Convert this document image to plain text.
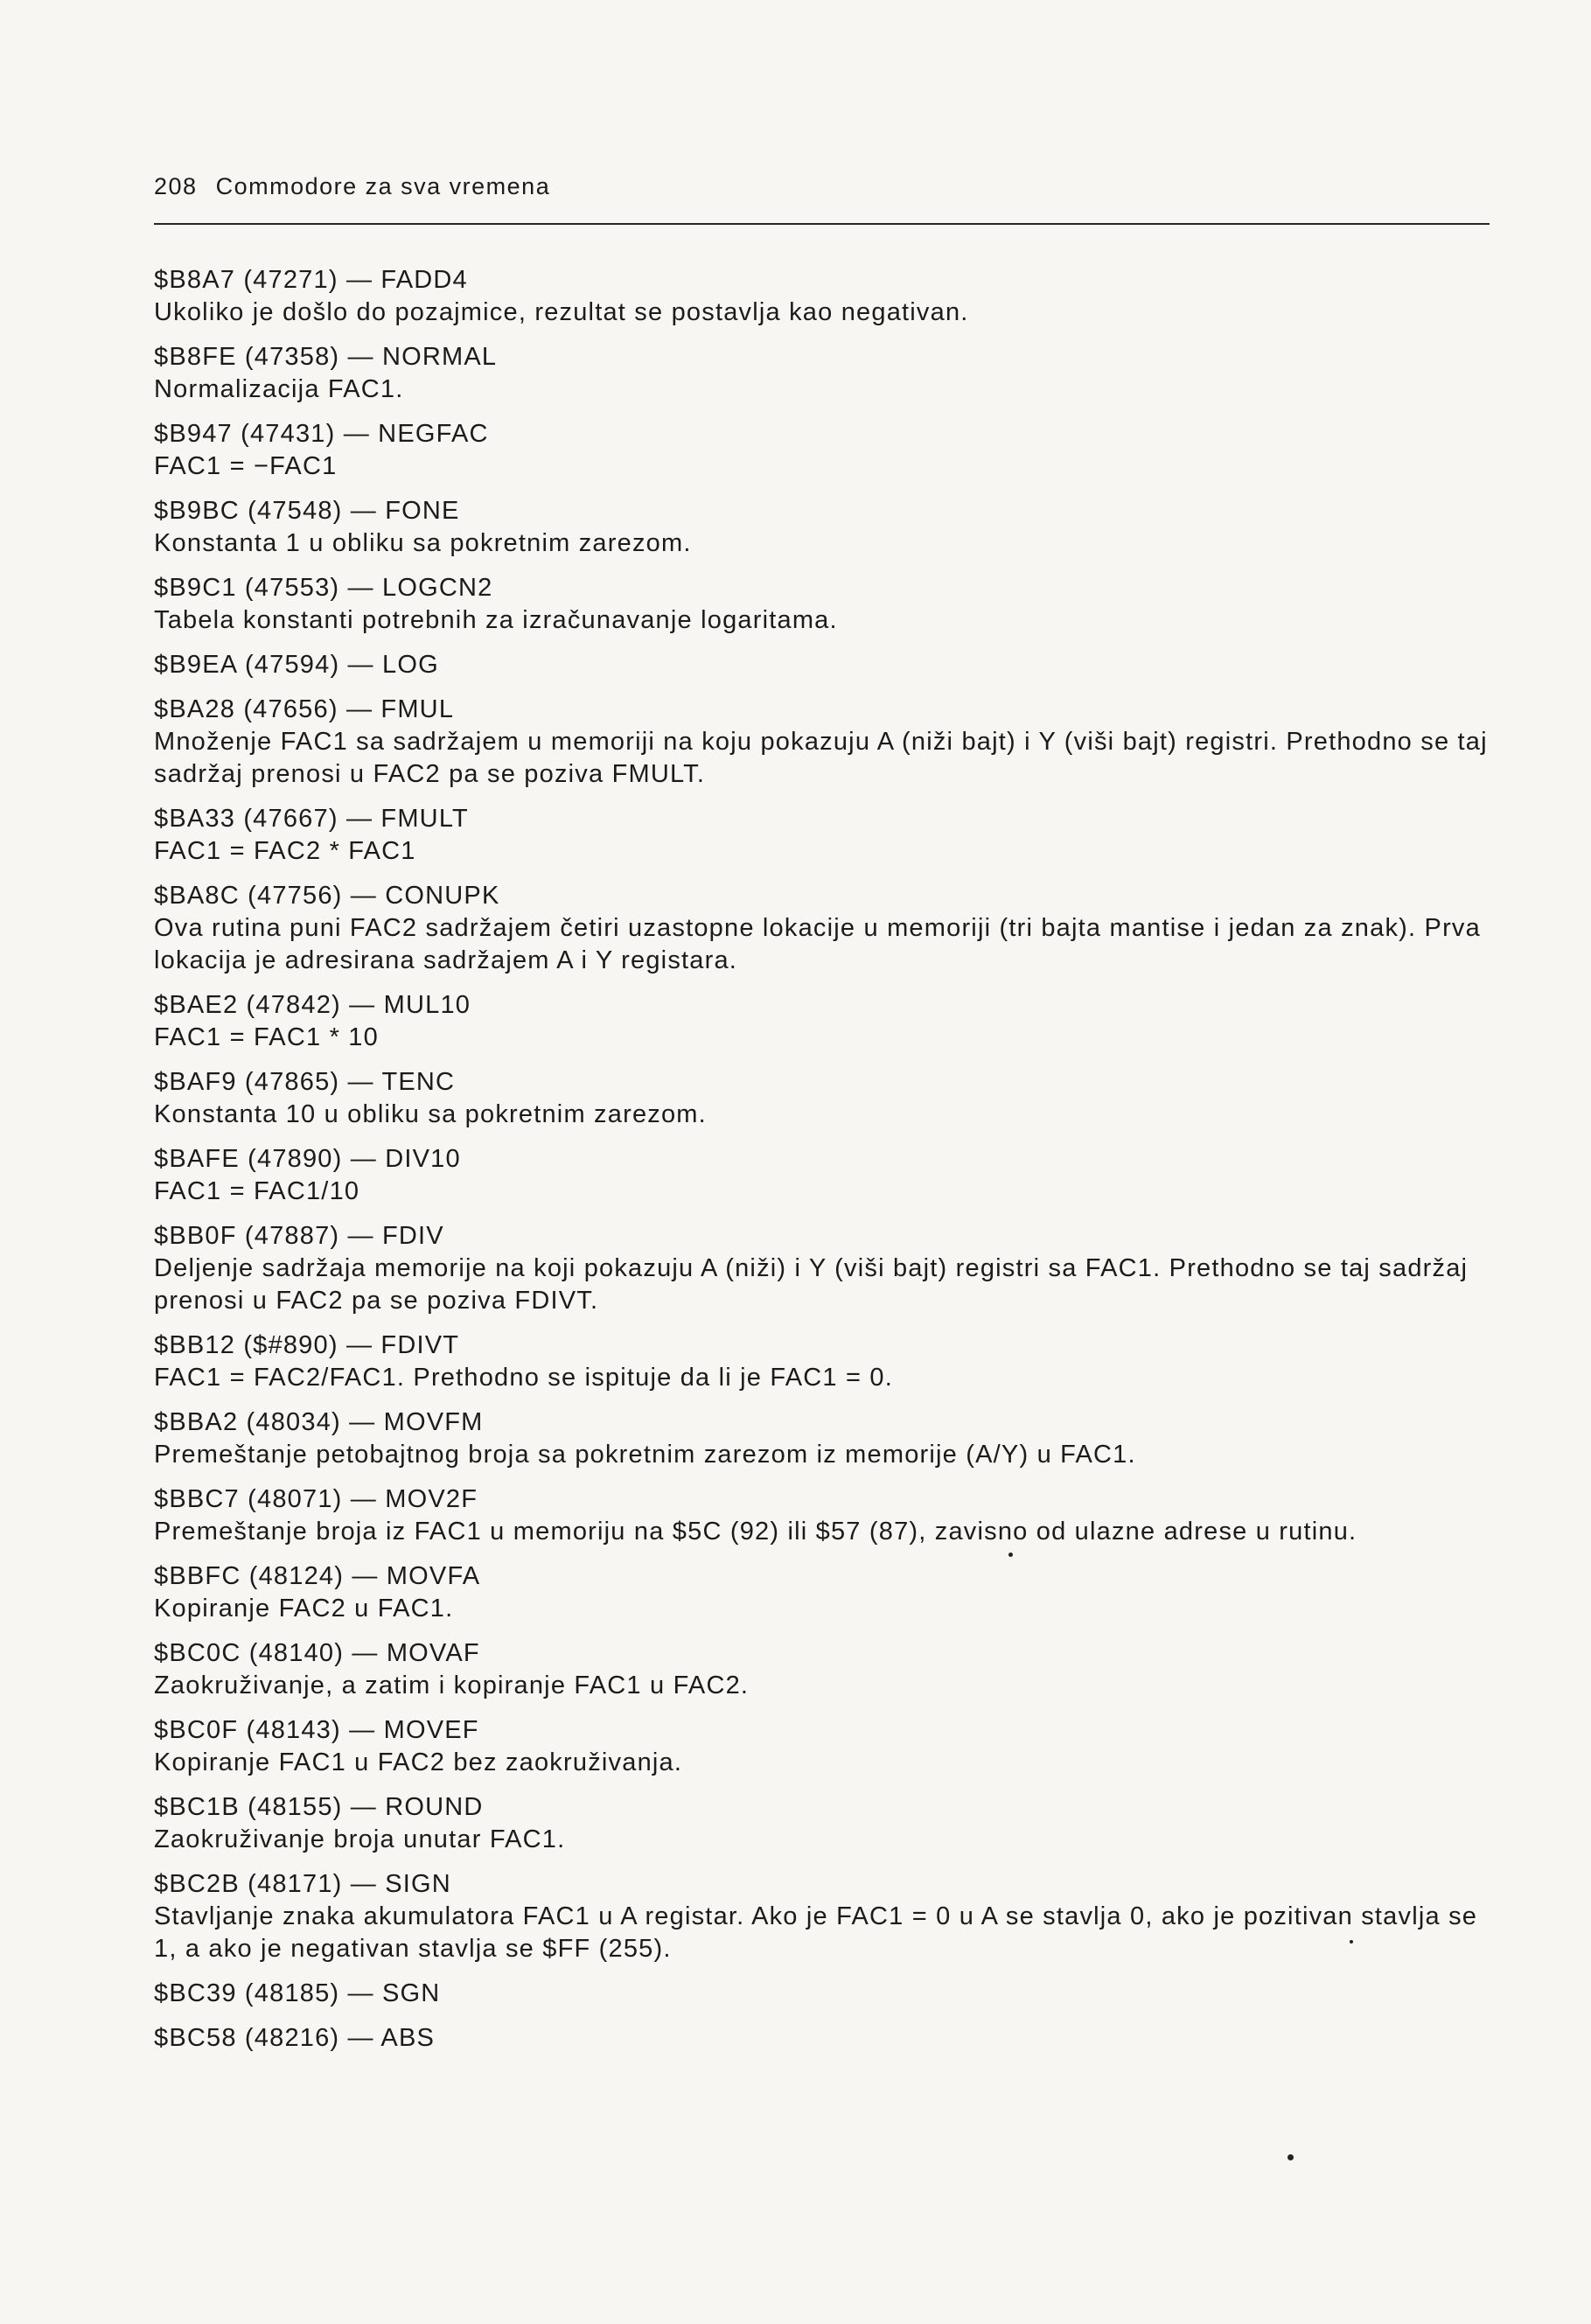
208 Commodore za sva vremena
$B8A7 (47271) — FADD4
Ukoliko je došlo do pozajmice, rezultat se postavlja kao negativan.
$B8FE (47358) — NORMAL
Normalizacija FAC1.
$B947 (47431) — NEGFAC
FAC1 = −FAC1
$B9BC (47548) — FONE
Konstanta 1 u obliku sa pokretnim zarezom.
$B9C1 (47553) — LOGCN2
Tabela konstanti potrebnih za izračunavanje logaritama.
$B9EA (47594) — LOG
$BA28 (47656) — FMUL
Množenje FAC1 sa sadržajem u memoriji na koju pokazuju A (niži bajt) i Y (viši bajt) registri. Prethodno se taj sadržaj prenosi u FAC2 pa se poziva FMULT.
$BA33 (47667) — FMULT
FAC1 = FAC2 * FAC1
$BA8C (47756) — CONUPK
Ova rutina puni FAC2 sadržajem četiri uzastopne lokacije u memoriji (tri bajta mantise i jedan za znak). Prva lokacija je adresirana sadržajem A i Y registara.
$BAE2 (47842) — MUL10
FAC1 = FAC1 * 10
$BAF9 (47865) — TENC
Konstanta 10 u obliku sa pokretnim zarezom.
$BAFE (47890) — DIV10
FAC1 = FAC1/10
$BB0F (47887) — FDIV
Deljenje sadržaja memorije na koji pokazuju A (niži) i Y (viši bajt) registri sa FAC1. Prethodno se taj sadržaj prenosi u FAC2 pa se poziva FDIVT.
$BB12 ($#890) — FDIVT
FAC1 = FAC2/FAC1. Prethodno se ispituje da li je FAC1 = 0.
$BBA2 (48034) — MOVFM
Premeštanje petobajtnog broja sa pokretnim zarezom iz memorije (A/Y) u FAC1.
$BBC7 (48071) — MOV2F
Premeštanje broja iz FAC1 u memoriju na $5C (92) ili $57 (87), zavisno od ulazne adrese u rutinu.
$BBFC (48124) — MOVFA
Kopiranje FAC2 u FAC1.
$BC0C (48140) — MOVAF
Zaokruživanje, a zatim i kopiranje FAC1 u FAC2.
$BC0F (48143) — MOVEF
Kopiranje FAC1 u FAC2 bez zaokruživanja.
$BC1B (48155) — ROUND
Zaokruživanje broja unutar FAC1.
$BC2B (48171) — SIGN
Stavljanje znaka akumulatora FAC1 u A registar. Ako je FAC1 = 0 u A se stavlja 0, ako je pozitivan stavlja se 1, a ako je negativan stavlja se $FF (255).
$BC39 (48185) — SGN
$BC58 (48216) — ABS
